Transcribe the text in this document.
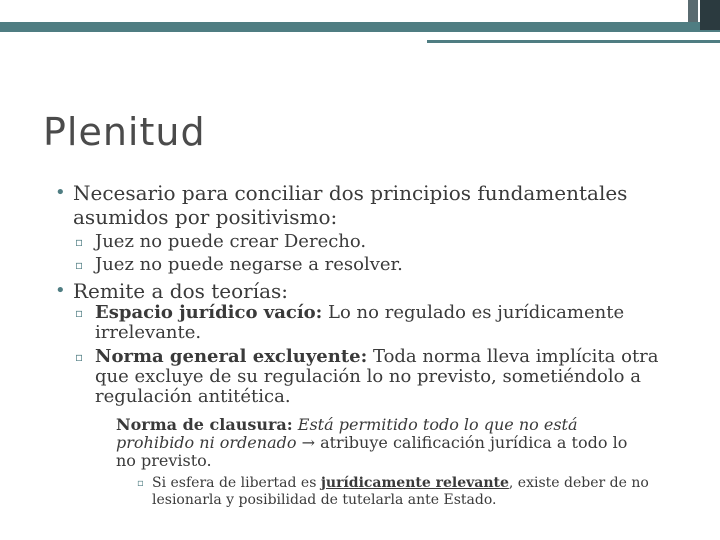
Plenitud
• Necesario para conciliar dos principios fundamentales asumidos por positivismo:
▫ Juez no puede crear Derecho.
▫ Juez no puede negarse a resolver.
• Remite a dos teorías:
▫ Espacio jurídico vacío: Lo no regulado es jurídicamente irrelevante.
▫ Norma general excluyente: Toda norma lleva implícita otra que excluye de su regulación lo no previsto, sometiéndolo a regulación antitética.
Norma de clausura: Está permitido todo lo que no está prohibido ni ordenado → atribuye calificación jurídica a todo lo no previsto.
▫ Si esfera de libertad es jurídicamente relevante, existe deber de no lesionarla y posibilidad de tutelarla ante Estado.
